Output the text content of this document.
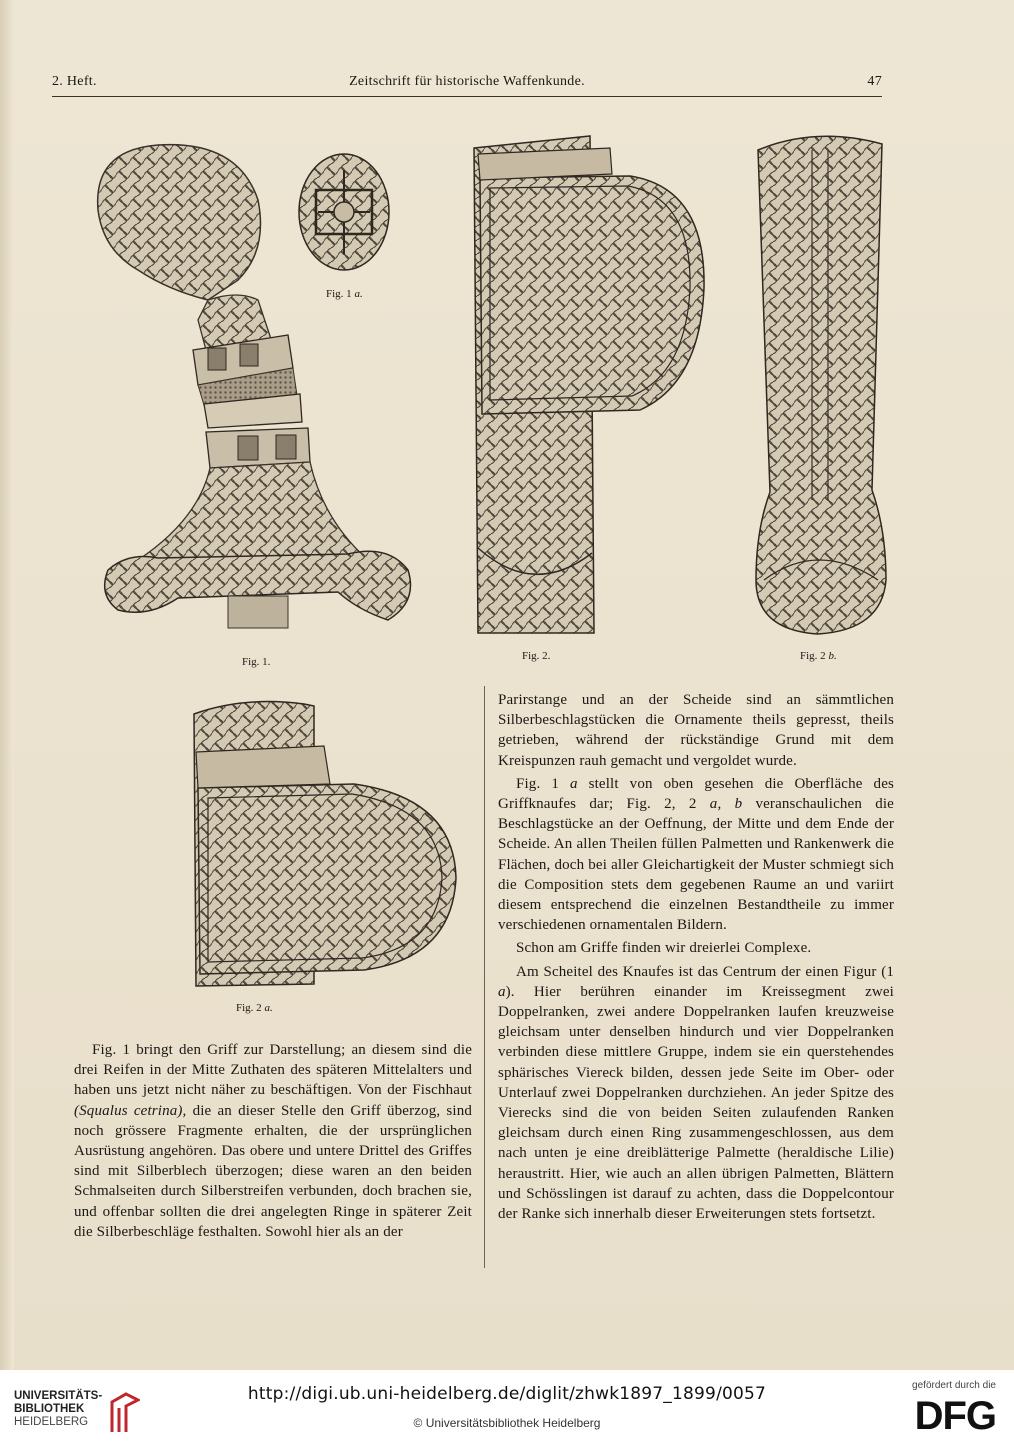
2. Heft.	Zeitschrift für historische Waffenkunde.	47
Fig. 1.
Fig. 1 a.
Fig. 2.	Fig. 2 b.
Fig. 2 a.

Fig. 1 bringt den Griff zur Darstellung; an diesem sind die drei Reifen in der Mitte Zuthaten des späteren Mittelalters und haben uns jetzt nicht näher zu beschäftigen. Von der Fischhaut (Squalus cetrina), die an dieser Stelle den Griff überzog, sind noch grössere Fragmente erhalten, die der ursprünglichen Ausrüstung angehören. Das obere und untere Drittel des Griffes sind mit Silberblech überzogen; diese waren an den beiden Schmalseiten durch Silberstreifen verbunden, doch brachen sie, und offenbar sollten die drei angelegten Ringe in späterer Zeit die Silberbeschläge festhalten. Sowohl hier als an der

Parirstange und an der Scheide sind an sämmtlichen Silberbeschlagstücken die Ornamente theils gepresst, theils getrieben, während der rückständige Grund mit dem Kreispunzen rauh gemacht und vergoldet wurde.

Fig. 1 a stellt von oben gesehen die Oberfläche des Griffknaufes dar; Fig. 2, 2 a, b veranschaulichen die Beschlagstücke an der Oeffnung, der Mitte und dem Ende der Scheide. An allen Theilen füllen Palmetten und Rankenwerk die Flächen, doch bei aller Gleichartigkeit der Muster schmiegt sich die Composition stets dem gegebenen Raume an und variirt diesem entsprechend die einzelnen Bestandtheile zu immer verschiedenen ornamentalen Bildern.

Schon am Griffe finden wir dreierlei Complexe.

Am Scheitel des Knaufes ist das Centrum der einen Figur (1 a). Hier berühren einander im Kreissegment zwei Doppelranken, zwei andere Doppelranken laufen kreuzweise gleichsam unter denselben hindurch und vier Doppelranken verbinden diese mittlere Gruppe, indem sie ein querstehendes sphärisches Viereck bilden, dessen jede Seite im Ober- oder Unterlauf zwei Doppelranken durchziehen. An jeder Spitze des Vierecks sind die von beiden Seiten zulaufenden Ranken gleichsam durch einen Ring zusammengeschlossen, aus dem nach unten je eine dreiblätterige Palmette (heraldische Lilie) heraustritt. Hier, wie auch an allen übrigen Palmetten, Blättern und Schösslingen ist darauf zu achten, dass die Doppelcontour der Ranke sich innerhalb dieser Erweiterungen stets fortsetzt.

UNIVERSITÄTS-
BIBLIOTHEK
HEIDELBERG
http://digi.ub.uni-heidelberg.de/diglit/zhwk1897_1899/0057
© Universitätsbibliothek Heidelberg
gefördert durch die
DFG
